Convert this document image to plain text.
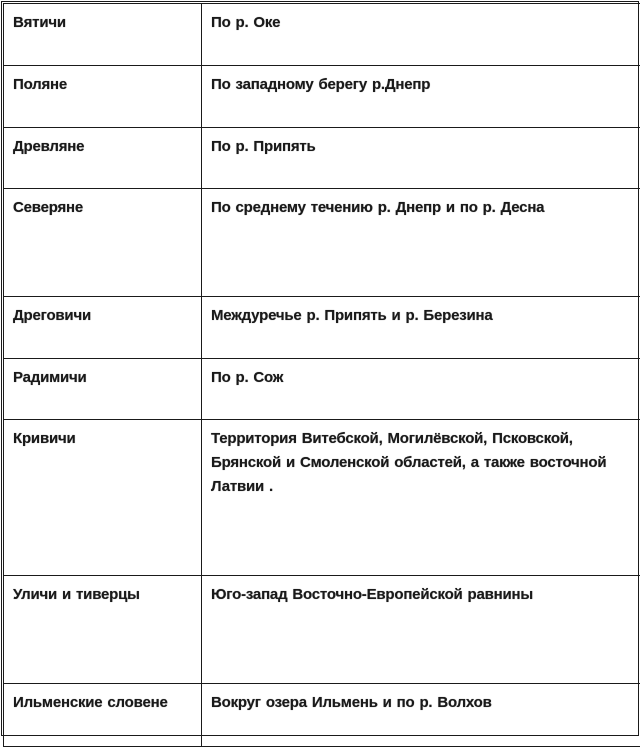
Вятичи	По р. Оке
Поляне	По западному берегу р.Днепр
Древляне	По р. Припять
Северяне	По среднему течению р. Днепр и по р. Десна
Дреговичи	Междуречье р. Припять и р. Березина
Радимичи	По р. Сож
Кривичи	Территория Витебской, Могилёвской, Псковской, Брянской и Смоленской областей, а также восточной Латвии .
Уличи и тиверцы	Юго-запад Восточно-Европейской равнины
Ильменские словене	Вокруг озера Ильмень и по р. Волхов
